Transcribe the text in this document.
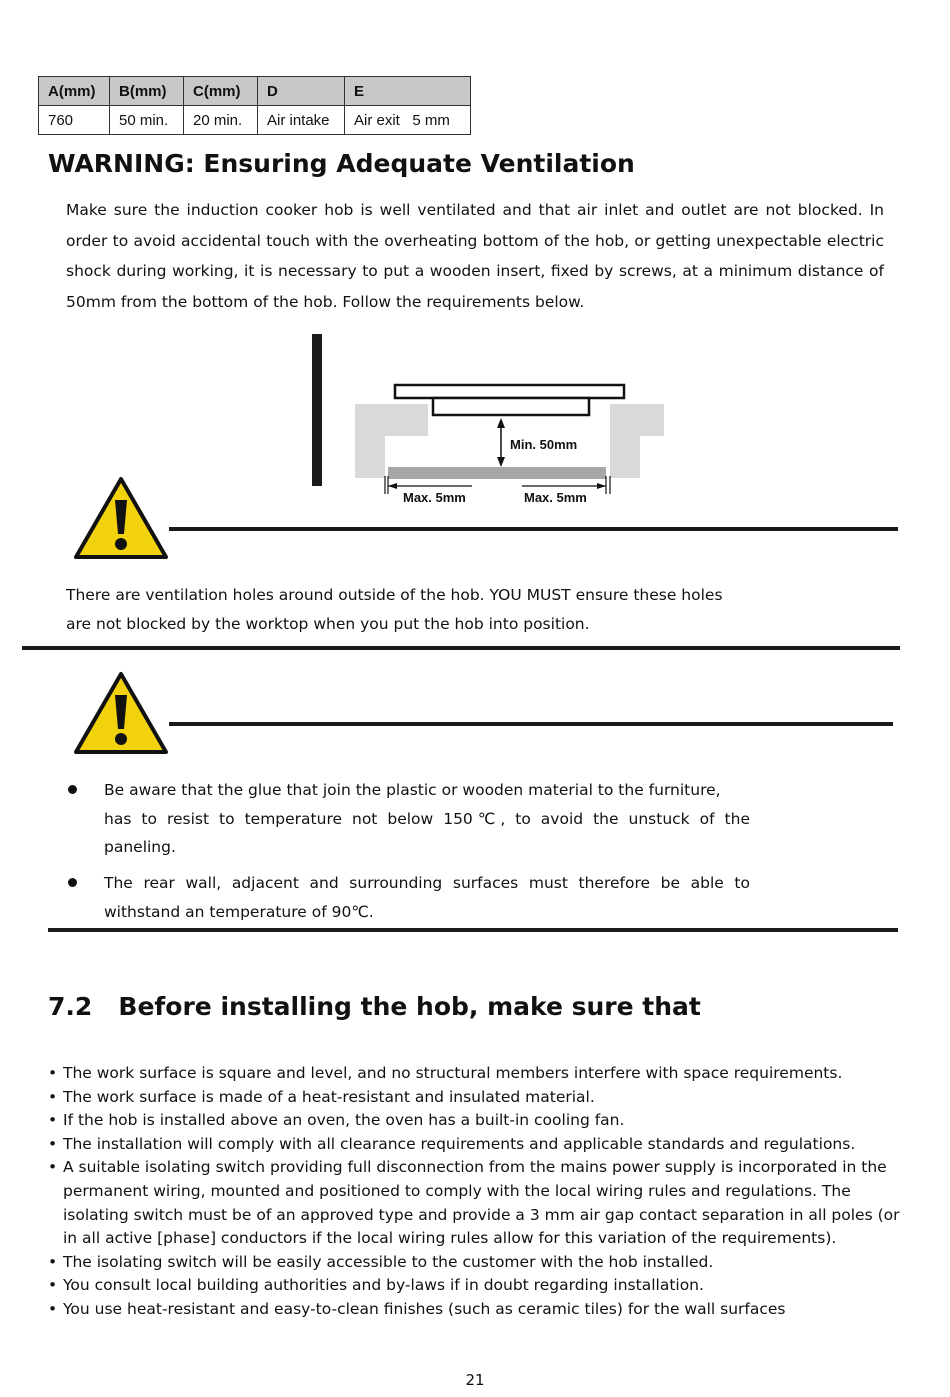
A(mm)	B(mm)	C(mm)	D	E
760	50 min.	20 min.	Air intake	Air exit   5 mm
WARNING: Ensuring Adequate Ventilation
Make sure the induction cooker hob is well ventilated and that air inlet and outlet are not blocked. In order to avoid accidental touch with the overheating bottom of the hob, or getting unexpectable electric shock during working, it is necessary to put a wooden insert, fixed by screws, at a minimum distance of 50mm from the bottom of the hob. Follow the requirements below.
Min. 50mm
Max. 5mm	Max. 5mm
There are ventilation holes around outside of the hob. YOU MUST ensure these holes
are not blocked by the worktop when you put the hob into position.
Be aware that the glue that join the plastic or wooden material to the furniture,
has to resist to temperature not below 150℃, to avoid the unstuck of the
paneling.
The rear wall, adjacent and surrounding surfaces must therefore be able to
withstand an temperature of 90℃.
7.2   Before installing the hob, make sure that
• The work surface is square and level, and no structural members interfere with space requirements.
• The work surface is made of a heat-resistant and insulated material.
• If the hob is installed above an oven, the oven has a built-in cooling fan.
• The installation will comply with all clearance requirements and applicable standards and regulations.
• A suitable isolating switch providing full disconnection from the mains power supply is incorporated in the permanent wiring, mounted and positioned to comply with the local wiring rules and regulations. The isolating switch must be of an approved type and provide a 3 mm air gap contact separation in all poles (or in all active [phase] conductors if the local wiring rules allow for this variation of the requirements).
• The isolating switch will be easily accessible to the customer with the hob installed.
• You consult local building authorities and by-laws if in doubt regarding installation.
• You use heat-resistant and easy-to-clean finishes (such as ceramic tiles) for the wall surfaces
21
